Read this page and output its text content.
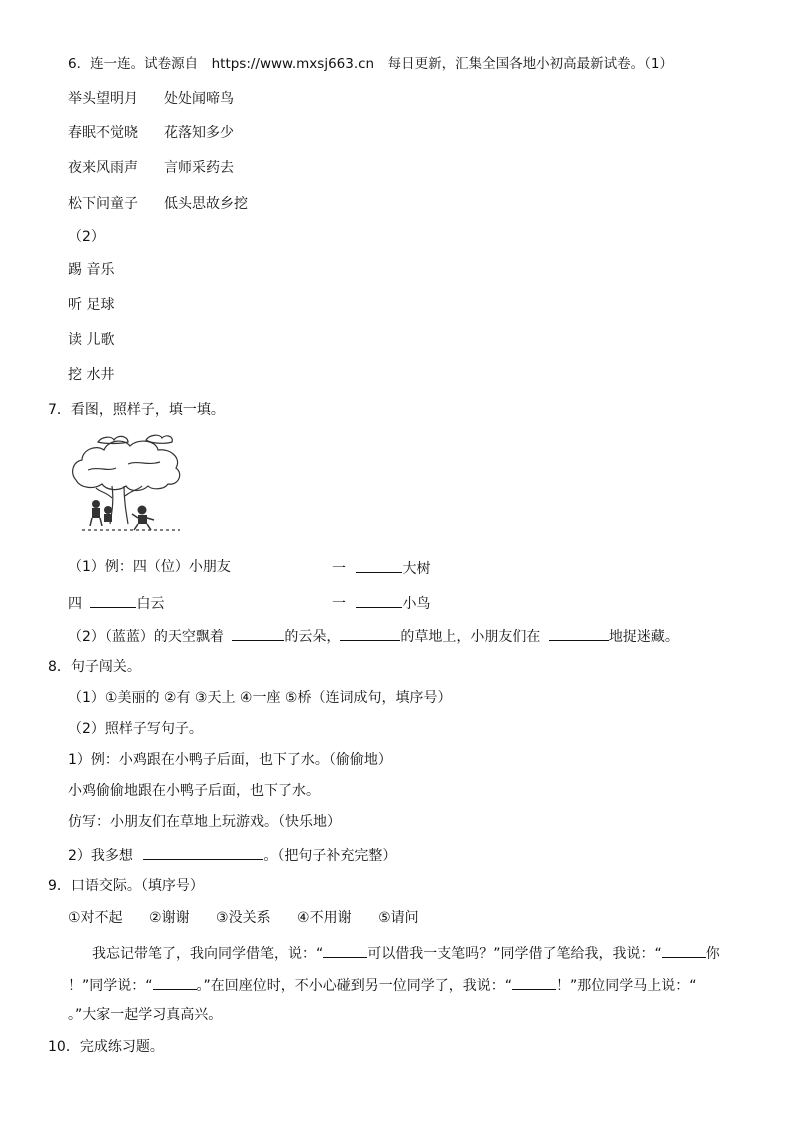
6．连一连。试卷源自　https://www.mxsj663.cn　每日更新，汇集全国各地小初高最新试卷。（1）
举头望明月 处处闻啼鸟
春眠不觉晓 花落知多少
夜来风雨声 言师采药去
松下问童子 低头思故乡挖
（2）
踢 音乐
听 足球
读 儿歌
挖 水井
7．看图，照样子，填一填。
（1）例：四（位）小朋友	一	大树
四	白云	一	小鸟
（2）（蓝蓝）的天空飘着	的云朵，	的草地上，小朋友们在	地捉迷藏。
8．句子闯关。
（1）①美丽的 ②有 ③天上 ④一座 ⑤桥（连词成句，填序号）
（2）照样子写句子。
1）例：小鸡跟在小鸭子后面，也下了水。（偷偷地）
小鸡偷偷地跟在小鸭子后面，也下了水。
仿写：小朋友们在草地上玩游戏。（快乐地）
2）我多想	。（把句子补充完整）
9．口语交际。（填序号）
①对不起 ②谢谢 ③没关系 ④不用谢 ⑤请问
我忘记带笔了，我向同学借笔，说：“	可以借我一支笔吗？”同学借了笔给我，我说：“	你
！”同学说：“	。”在回座位时，不小心碰到另一位同学了，我说：“	！”那位同学马上说：“
。”大家一起学习真高兴。
10．完成练习题。
